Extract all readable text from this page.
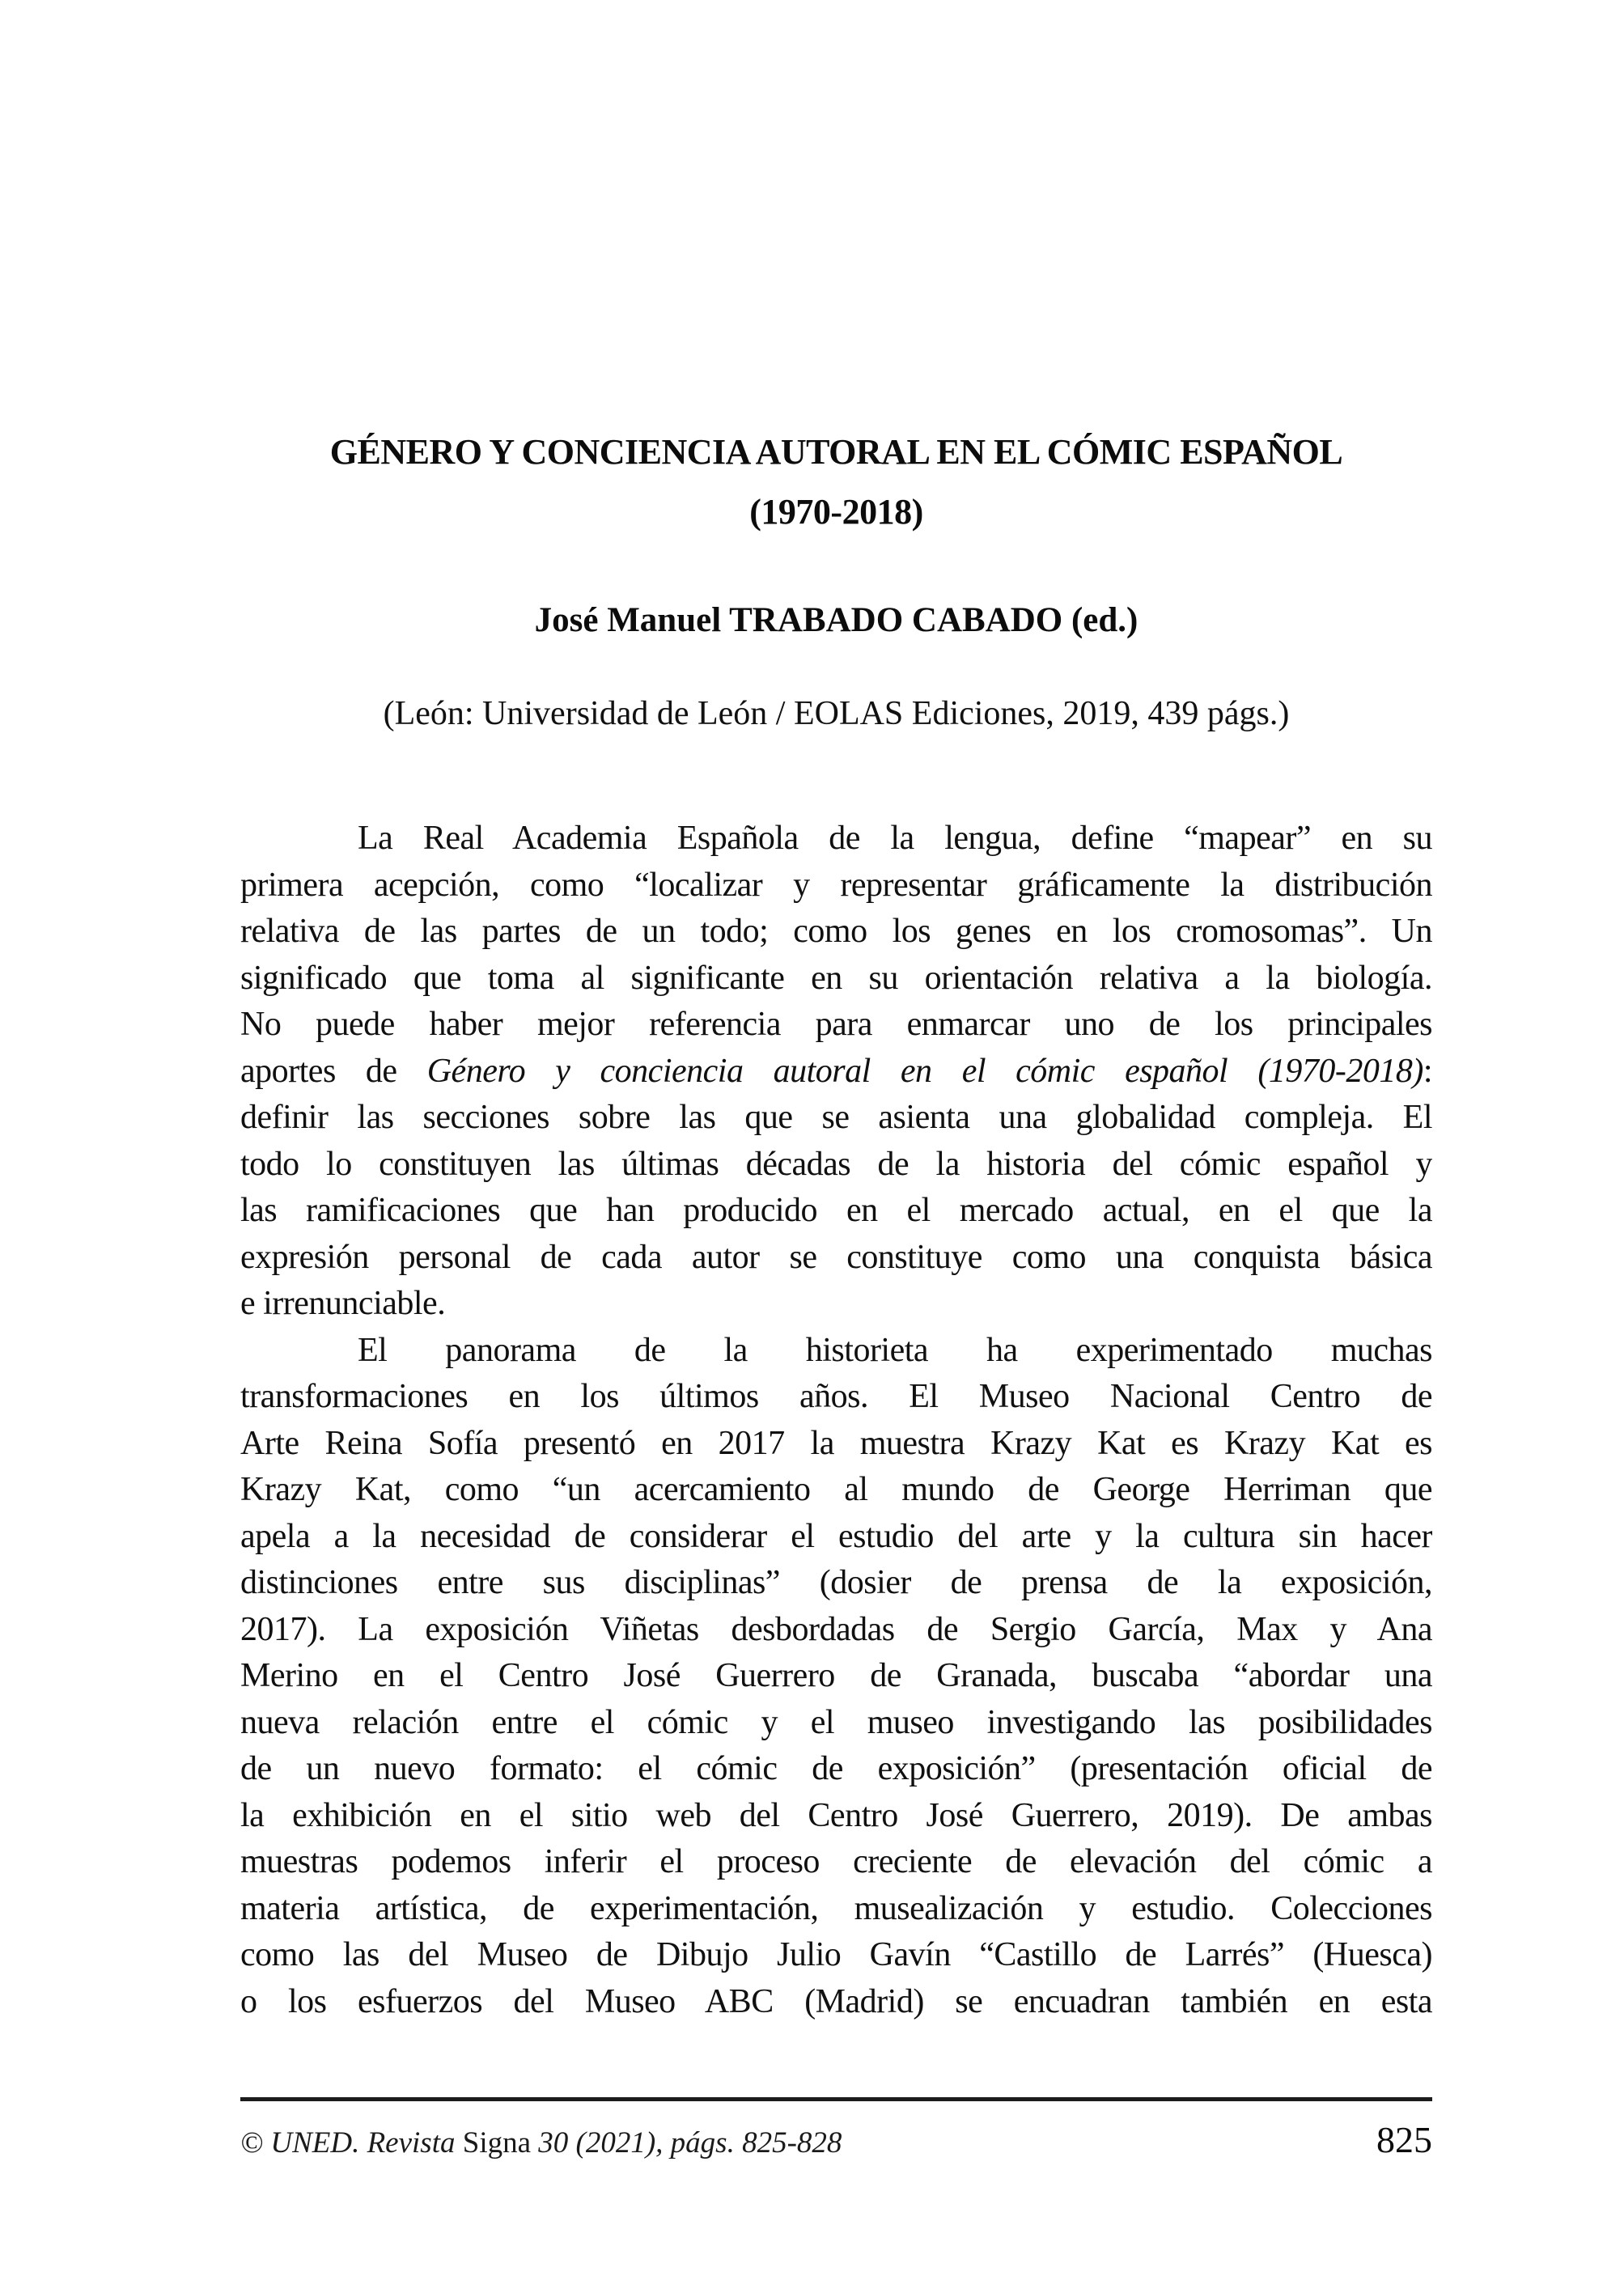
GÉNERO Y CONCIENCIA AUTORAL EN EL CÓMIC ESPAÑOL
(1970-2018)
José Manuel TRABADO CABADO (ed.)
(León: Universidad de León / EOLAS Ediciones, 2019, 439 págs.)
La Real Academia Española de la lengua, define “mapear” en su
primera acepción, como “localizar y representar gráficamente la distribución
relativa de las partes de un todo; como los genes en los cromosomas”. Un
significado que toma al significante en su orientación relativa a la biología.
No puede haber mejor referencia para enmarcar uno de los principales
aportes de Género y conciencia autoral en el cómic español (1970-2018):
definir las secciones sobre las que se asienta una globalidad compleja. El
todo lo constituyen las últimas décadas de la historia del cómic español y
las ramificaciones que han producido en el mercado actual, en el que la
expresión personal de cada autor se constituye como una conquista básica
e irrenunciable.
El panorama de la historieta ha experimentado muchas
transformaciones en los últimos años. El Museo Nacional Centro de
Arte Reina Sofía presentó en 2017 la muestra Krazy Kat es Krazy Kat es
Krazy Kat, como “un acercamiento al mundo de George Herriman que
apela a la necesidad de considerar el estudio del arte y la cultura sin hacer
distinciones entre sus disciplinas” (dosier de prensa de la exposición,
2017). La exposición Viñetas desbordadas de Sergio García, Max y Ana
Merino en el Centro José Guerrero de Granada, buscaba “abordar una
nueva relación entre el cómic y el museo investigando las posibilidades
de un nuevo formato: el cómic de exposición” (presentación oficial de
la exhibición en el sitio web del Centro José Guerrero, 2019). De ambas
muestras podemos inferir el proceso creciente de elevación del cómic a
materia artística, de experimentación, musealización y estudio. Colecciones
como las del Museo de Dibujo Julio Gavín “Castillo de Larrés” (Huesca)
o los esfuerzos del Museo ABC (Madrid) se encuadran también en esta
© UNED. Revista Signa 30 (2021), págs. 825-828	825
